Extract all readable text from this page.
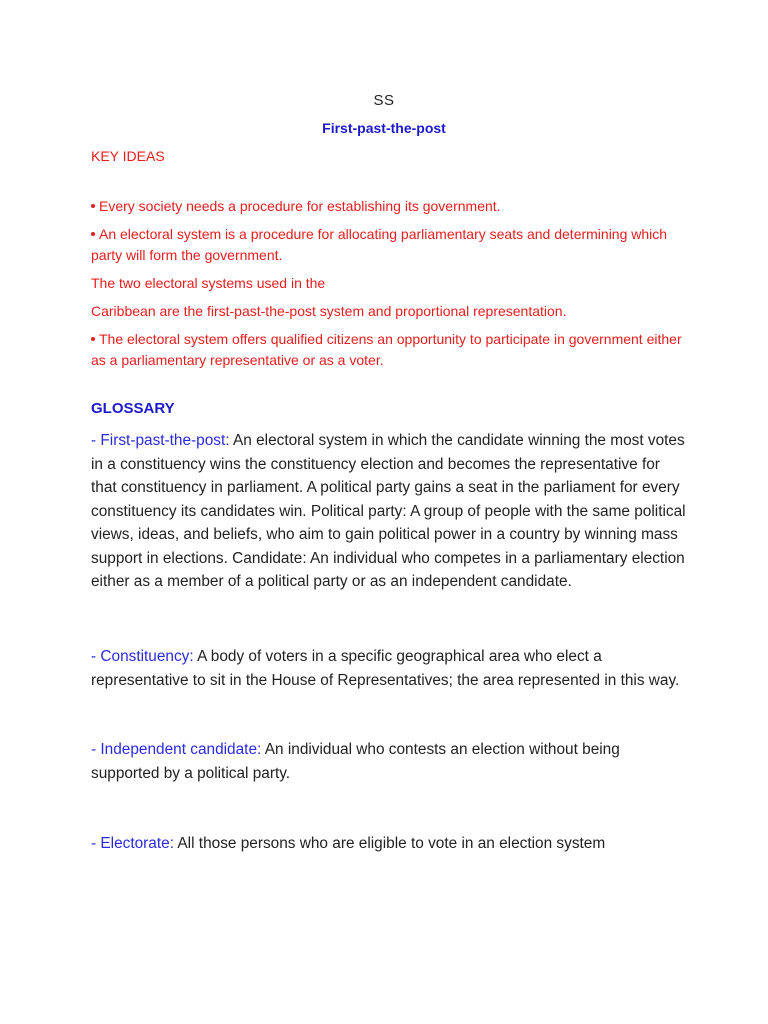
SS
First-past-the-post

KEY IDEAS

Every society needs a procedure for establishing its government.

An electoral system is a procedure for allocating parliamentary seats and determining which party will form the government.

The two electoral systems used in the

Caribbean are the first-past-the-post system and proportional representation.

The electoral system offers qualified citizens an opportunity to participate in government either as a parliamentary representative or as a voter.

GLOSSARY

- First-past-the-post: An electoral system in which the candidate winning the most votes in a constituency wins the constituency election and becomes the representative for that constituency in parliament. A political party gains a seat in the parliament for every constituency its candidates win. Political party: A group of people with the same political views, ideas, and beliefs, who aim to gain political power in a country by winning mass support in elections. Candidate: An individual who competes in a parliamentary election either as a member of a political party or as an independent candidate.

- Constituency: A body of voters in a specific geographical area who elect a representative to sit in the House of Representatives; the area represented in this way.

- Independent candidate: An individual who contests an election without being supported by a political party.

- Electorate: All those persons who are eligible to vote in an election system
